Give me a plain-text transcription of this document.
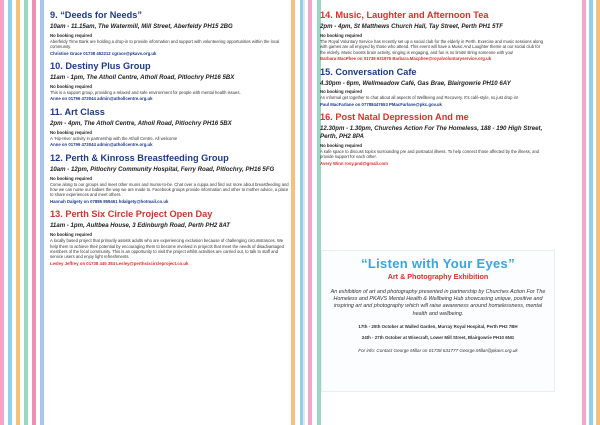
9. “Deeds for Needs”
10am - 11.15am, The Watermill, Mill Street, Aberfeldy PH15 2BG
No booking required
Aberfeldy Time Bank are holding a drop-in to provide information and support with volunteering opportunities within the local community.
Christine Grace 01738 452212 cgrace@pkavs.org.uk
10. Destiny Plus Group
11am - 1pm, The Atholl Centre, Atholl Road, Pitlochry PH16 5BX
No booking required
This is a support group, providing a relaxed and safe environment for people with mental health issues.
Anne on 01796 473044 admin@athollcentre.org.uk
11. Art Class
2pm - 4pm, The Atholl Centre, Atholl Road, Pitlochry PH16 5BX
No booking required
A ‘Hip-Hive’ activity in partnership with the Atholl Centre. All welcome
Anne on 01796 473044 admin@athollcentre.org.uk
12. Perth & Kinross Breastfeeding Group
10am - 12pm, Pitlochry Community Hospital, Ferry Road, Pitlochry, PH16 5FG
No booking required
Come along to our groups and meet other mums and mums-to-be. Chat over a cuppa and find out more about breastfeeding and how we can nurse our babies the way we are made to. Facebook groups provide information and other to mother advice, a place to share experiences and meet others.
Hannah Dalgety on 07886 859461 hdalgety@hotmail.co.uk
13. Perth Six Circle Project Open Day
11am - 1pm, Aultbea House, 3 Edinburgh Road, Perth PH2 8AT
No booking required
A locally based project that primarily assists adults who are experiencing exclusion because of challenging circumstances. We help them to achieve their potential by encouraging them to become involved in projects that meet the needs of disadvantaged members of the local community. This is an opportunity to visit the project whilst activities are carried out, to talk to staff and service users and enjoy light refreshments.
Lesley Jeffrey on 01738 445 384 Lesley@perthsixcircleproject.co.uk
14. Music, Laughter and Afternoon Tea
2pm - 4pm, St Matthews Church Hall, Tay Street, Perth PH1 5TF
No booking required
The Royal Voluntary Service has recently set up a social club for the elderly in Perth. Exercise and music sessions along with games are all enjoyed by those who attend. This event will have a Music And Laughter theme at our social club for the elderly. Music boosts brain activity, singing is engaging, and fun is no limits! Bring someone with you!
Barbara MacPhee on 01738 631975 Barbara.Macphee@royalvoluntaryservice.org.uk
15. Conversation Cafe
4.30pm - 6pm, Wellmeadow Café, Gas Brae, Blairgowrie PH10 6AY
No booking required
An informal get together to chat about all aspects of Wellbeing and Recovery. It’s café-style, so just drop in!
Paul MacFarlane on 07788447653 PMacFarlane@pkc.gov.uk
16. Post Natal Depression And me
12.30pm - 1.30pm, Churches Action For The Homeless, 188 - 190 High Street, Perth, PH2 8PA
No booking required
A safe space to discuss topics surrounding pre and postnatal illness. To help connect those affected by the illness, and provide support for each other.
Avery Winn rosy.pnd@gmail.com
“Listen with Your Eyes”
Art & Photography Exhibition
An exhibition of art and photography presented in partnership by Churches Action For The Homeless and PKAVS Mental Health & Wellbeing Hub showcasing unique, positive and inspiring art and photography which will raise awareness around homelessness, mental health and wellbeing.
17th - 20th October at Walled Garden, Murray Royal Hospital, Perth PH2 7BH
24th - 27th October at Wisecraft, Lower Mill Street, Blairgowrie PH10 6NG
For info: Contact George Millar on 01738 631777 George.Millar@pkavs.org.uk
